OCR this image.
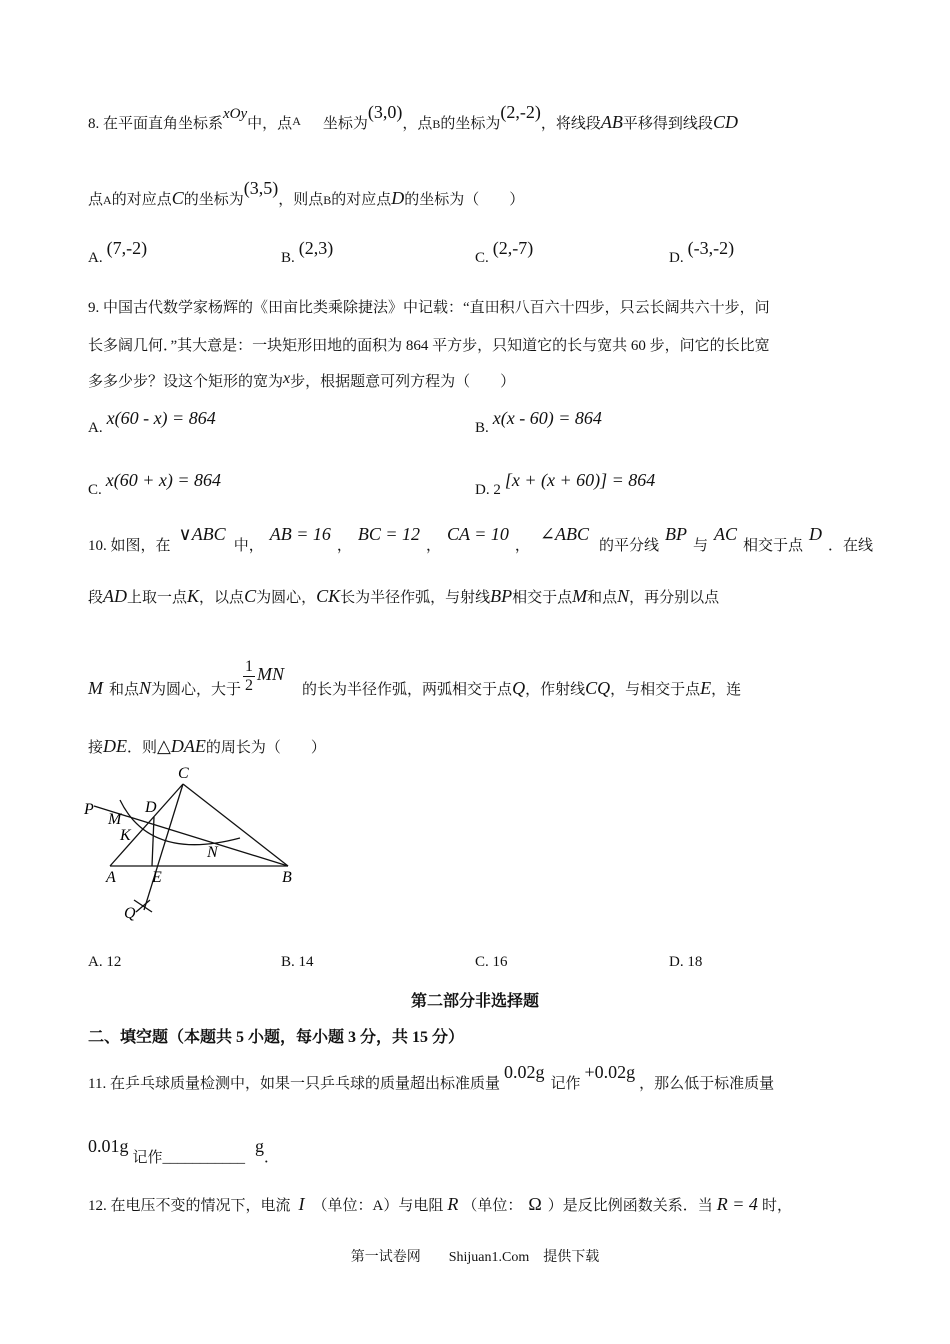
8. 在平面直角坐标系xOy中，点$^A$ 坐标为(3,0)，点B的坐标为(2,-2)，将线段AB平移得到线段CD
点A的对应点C的坐标为(3,5)，则点B的对应点D的坐标为（　　）
A. (7,-2)	B. (2,3)	C. (2,-7)	D. (-3,-2)
9. 中国古代数学家杨辉的《田亩比类乘除捷法》中记载：“直田积八百六十四步，只云长阔共六十步，问
长多阔几何．”其大意是：一块矩形田地的面积为 864 平方步，只知道它的长与宽共 60 步，问它的长比宽
多多少步？设这个矩形的宽为x步，根据题意可列方程为（　　）
A. x(60 - x) = 864	B. x(x - 60) = 864
C. x(60 + x) = 864	D. 2 [x + (x + 60)] = 864
10. 如图，在∨ABC中，AB = 16，BC = 12，CA = 10，∠ABC的平分线BP与AC相交于点D．在线
段AD上取一点K，以点C为圆心，CK长为半径作弧，与射线BP相交于点M和点N，再分别以点
M 和点N为圆心，大于 $\frac{1}{2}$ MN的长为半径作弧，两弧相交于点Q，作射线CQ，与相交于点E，连
接DE．则△DAE的周长为（　　）
P
C
D
M
K
N
A E	B
Q
A. 12	B. 14	C. 16	D. 18
第二部分非选择题
二、填空题（本题共 5 小题，每小题 3 分，共 15 分）
11. 在乒乓球质量检测中，如果一只乒乓球的质量超出标准质量0.02g记作+0.02g，那么低于标准质量
0.01g记作___________g．
12. 在电压不变的情况下，电流 I （单位：A）与电阻 R （单位： Ω ）是反比例函数关系．当 R = 4 时，
第一试卷网　　Shijuan1.Com　提供下载
